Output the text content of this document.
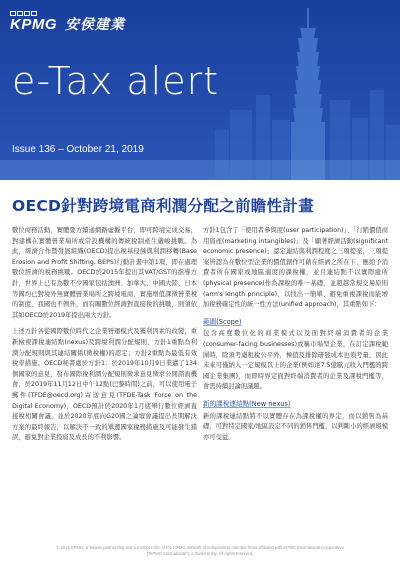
KPMG 安侯建業
e-Tax alert
Issue 136 – October 21, 2019
OECD針對跨境電商利潤分配之前瞻性計畫

數位商務活動，實體要方續通網路虛擬平台，即可跨境完成交易，對建構在實體營業場所或常設機構的傳統稅制產生嚴峻挑戰。為此，經濟合作暨發展組織(OECD)提出稅基侵蝕與利潤移轉(Base Erosion and Profit Shifting, BEPS)行動計畫中第1項，即在處理數位經濟的稅務挑戰。OECD於2015年提出其VAT/GST的指導方針，世界上已有為數不少國家包括澳洲、加拿大、中國大陸、日本等國均已對境外無實體營業場所之跨境電商，實施增值課徵營業稅的制度，我國也不例外，而有關數位經濟對直接稅的挑戰，則須依其如OECD於2019年提出兩大方針。

上述方針各從國際數位時代之企業營運模式及獲利因素的改變，重新檢視課稅連結點(nexus)及跨境利潤分配規則，方針1重點為利潤分配規則與其連結關係(徵稅權)的認定；方針2重點為最低有效稅率措施。OECD秘書處於方針1：於2019年10月9日業邁了134個國家的意見，發布國際稅利潤分配規則徵求意見徵求公開諮詢機會，於2019年11月12日中午12點(巴黎時間)之前，可以使用電子郵件(TFDE@oecd.org)寄送意見(TFDE-Task Force on the Digital Economy)，OECD預計於2020年1月底舉行數位經濟直接稅相關會議，並於2020年底向G20國之論壇會議提出長期解決方案的最終報告，以解決不一致的單邊國家稅務措施及可能發生錯誤，避免對企業投資及成長的不利影響。

方針1包含了「使用者參與度(user participation)」、「行銷價值商用資產(marketing intangibles)」及「顧著經濟活動(significant economic presence)」認定連結與利潤程度之三項提案，三項提案皆認為在數位型企業的價值創作可藉在經濟之所在下，應給予消費者所在國家或地區適度的課稅權，並且連結點不以實際處所(physical presence)作為課稅的唯一基礎，並超越常規交易原則(arm's length principle)，以找出一簡單、避免重複課稅而能增加稅務確定性的統一性方法(unified approach)，其重點如下：

範圍(Scope)

包含高度數位化的商業模式以及面對終端消費者的企業(consumer-facing businesses)或稱市場型企業。在訂定課稅範圍時，除須考慮租稅公平外，極值及排除研發成本也須考量，因此未來可僅納入一定規模以上的企業(例如達7.5億歐元收入門檻的跨國企業集團)，而即時界定面對終端消費者的企業及課稅門檻等，會需持續討論的議題。

新的課稅連結點(New nexus)

新的課稅連結點將不以實體存在為課稅權的界定，而以銷售為基礎，可對特定國家/地區設定不同的銷售門檻，以判斷小的經濟規模亦可受益。

© 2019 KPMG, a Taiwan partnership and a member firm of the KPMG network of independent member firms affiliated with KPMG International Cooperative ("KPMG International"), a Swiss entity. All rights reserved.
